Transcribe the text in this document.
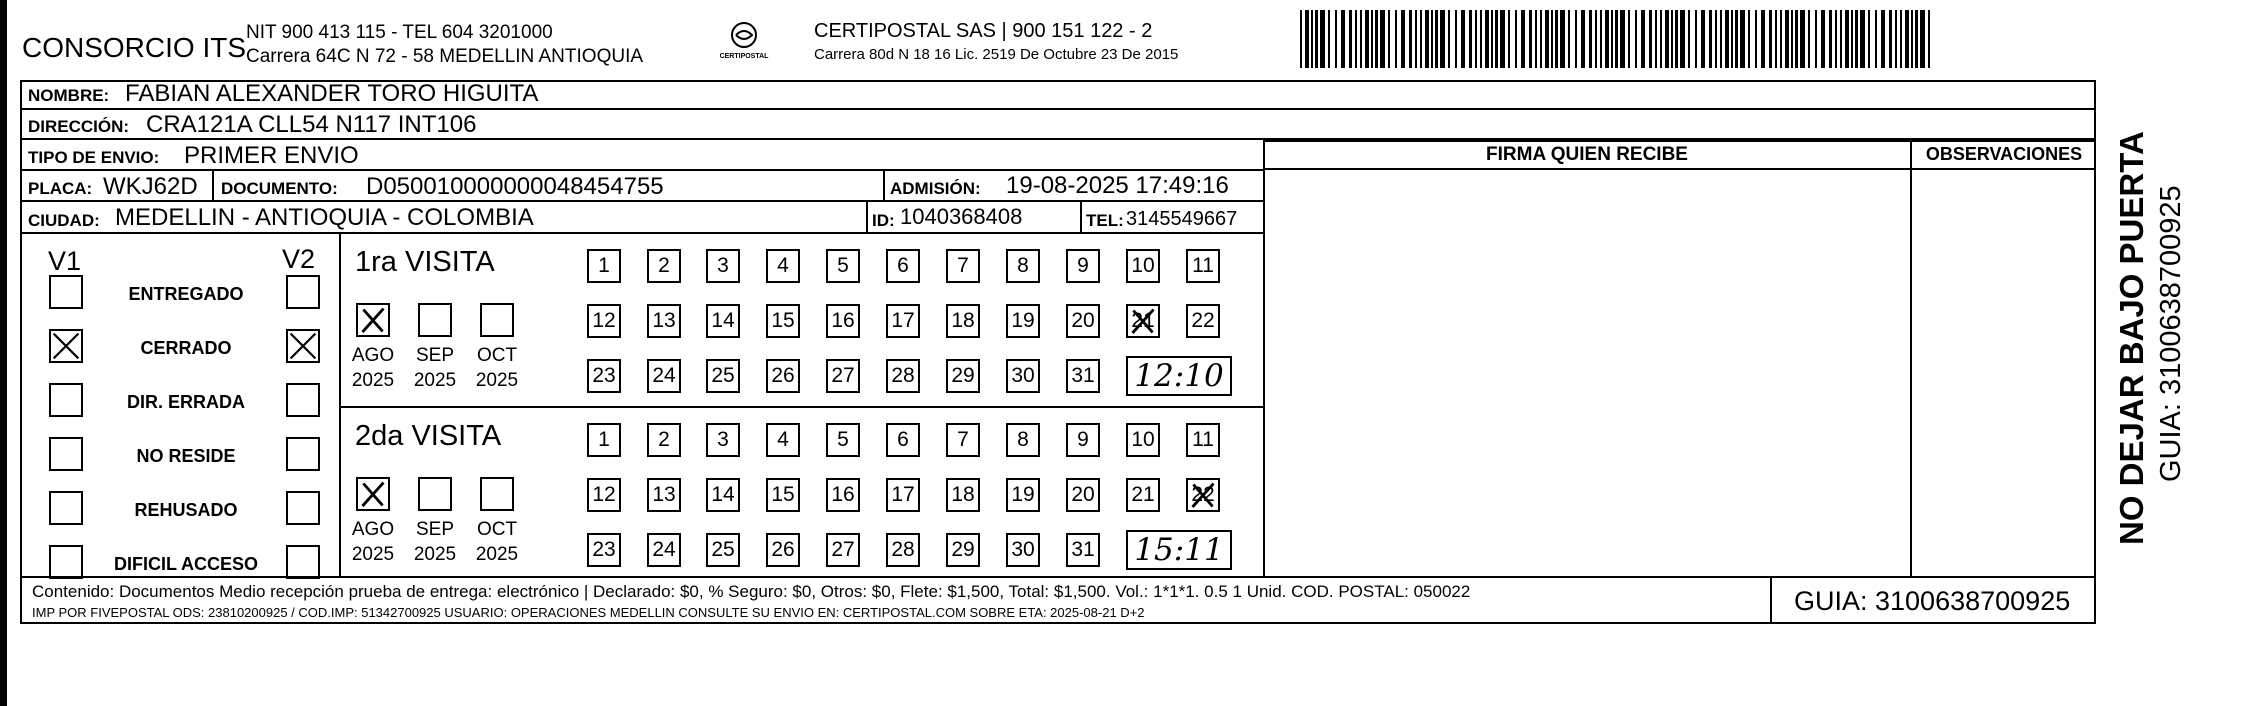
CONSORCIO ITS NIT 900 413 115 - TEL 604 3201000
Carrera 64C N 72 - 58 MEDELLIN ANTIOQUIA	CERTIPOSTAL
CERTIPOSTAL SAS | 900 151 122 - 2
Carrera 80d N 18 16 Lic. 2519 De Octubre 23 De 2015
NOMBRE: FABIAN ALEXANDER TORO HIGUITA
DIRECCIÓN: CRA121A CLL54 N117 INT106
TIPO DE ENVIO: PRIMER ENVIO
PLACA: WKJ62D DOCUMENTO: D050010000000048454755	ADMISIÓN: 19-08-2025 17:49:16
CIUDAD: MEDELLIN - ANTIOQUIA - COLOMBIA	ID: 1040368408	TEL: 3145549667
FIRMA QUIEN RECIBE	OBSERVACIONES
V1	V2
ENTREGADO
CERRADO
DIR. ERRADA
NO RESIDE
REHUSADO
DIFICIL ACCESO
1ra VISITA
AGO
2025
SEP
2025
OCT
2025
1 2 3 4 5 6 7 8 9 10 11
12 13 14 15 16 17 18 19 20 21 22
23 24 25 26 27 28 29 30 31 12:10
2da VISITA
AGO
2025
SEP
2025
OCT
2025
1 2 3 4 5 6 7 8 9 10 11
12 13 14 15 16 17 18 19 20 21 22
23 24 25 26 27 28 29 30 31 15:11
Contenido: Documentos Medio recepción prueba de entrega: electrónico | Declarado: $0, % Seguro: $0, Otros: $0, Flete: $1,500, Total: $1,500. Vol.: 1*1*1. 0.5 1 Unid. COD. POSTAL: 050022
IMP POR FIVEPOSTAL ODS: 23810200925 / COD.IMP: 51342700925 USUARIO: OPERACIONES MEDELLIN CONSULTE SU ENVIO EN: CERTIPOSTAL.COM SOBRE ETA: 2025-08-21 D+2	GUIA: 3100638700925
NO DEJAR BAJO PUERTA GUIA: 3100638700925
